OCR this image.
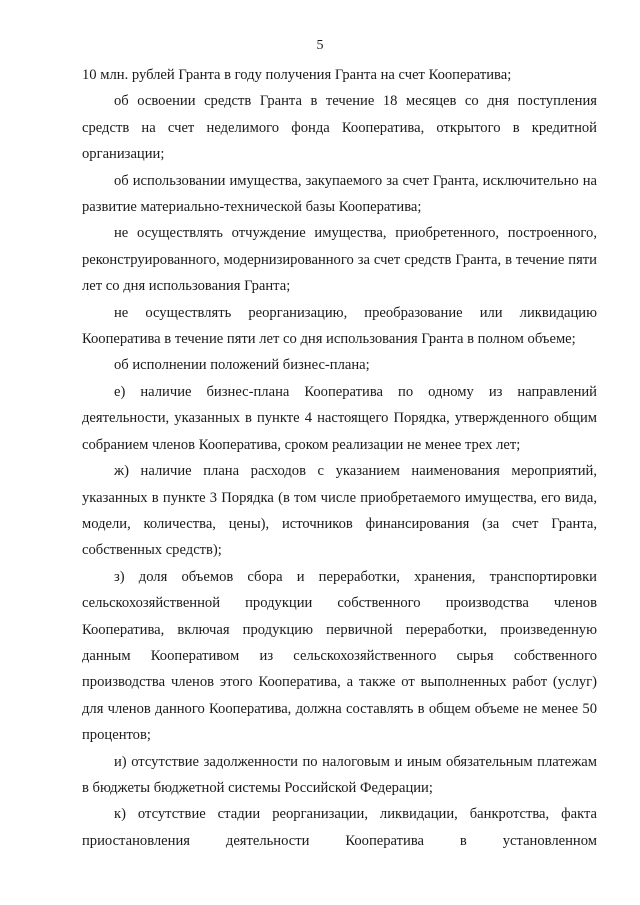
5

10 млн. рублей Гранта в году получения Гранта на счет Кооператива;

об освоении средств Гранта в течение 18 месяцев со дня поступления средств на счет неделимого фонда Кооператива, открытого в кредитной организации;

об использовании имущества, закупаемого за счет Гранта, исключительно на развитие материально-технической базы Кооператива;

не осуществлять отчуждение имущества, приобретенного, построенного, реконструированного, модернизированного за счет средств Гранта, в течение пяти лет со дня использования Гранта;

не осуществлять реорганизацию, преобразование или ликвидацию Кооператива в течение пяти лет со дня использования Гранта в полном объеме;

об исполнении положений бизнес-плана;

е) наличие бизнес-плана Кооператива по одному из направлений деятельности, указанных в пункте 4 настоящего Порядка, утвержденного общим собранием членов Кооператива, сроком реализации не менее трех лет;

ж) наличие плана расходов с указанием наименования мероприятий, указанных в пункте 3 Порядка (в том числе приобретаемого имущества, его вида, модели, количества, цены), источников финансирования (за счет Гранта, собственных средств);

з) доля объемов сбора и переработки, хранения, транспортировки сельскохозяйственной продукции собственного производства членов Кооператива, включая продукцию первичной переработки, произведенную данным Кооперативом из сельскохозяйственного сырья собственного производства членов этого Кооператива, а также от выполненных работ (услуг) для членов данного Кооператива, должна составлять в общем объеме не менее 50 процентов;

и) отсутствие задолженности по налоговым и иным обязательным платежам в бюджеты бюджетной системы Российской Федерации;

к) отсутствие стадии реорганизации, ликвидации, банкротства, факта приостановления деятельности Кооператива в установленном
